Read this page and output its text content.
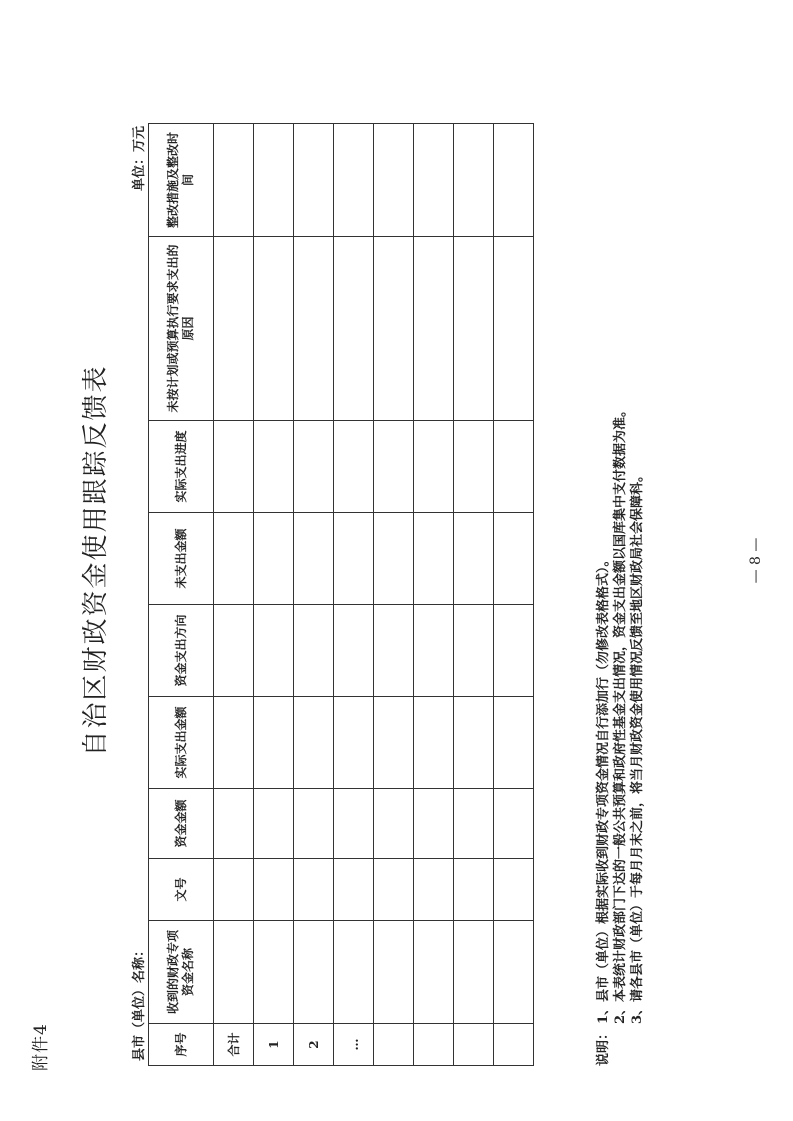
附件4
自治区财政资金使用跟踪反馈表
县市（单位）名称：
单位：万元
序号	收到的财政专项资金名称	文号	资金金额	实际支出金额	资金支出方向	未支出金额	实际支出进度	未按计划或预算执行要求支出的原因	整改措施及整改时间
合计									
1									
2									
…									

										说明：
1、县市（单位）根据实际收到财政专项资金情况自行添加行（勿修改表格格式）。 2、本表统计财政部门下达的一般公共预算和政府性基金支出情况，资金支出金额以国库集中支付数据为准。 3、请各县市（单位）于每月月末之前，将当月财政资金使用情况反馈至地区财政局社会保障科。	— 8 —
